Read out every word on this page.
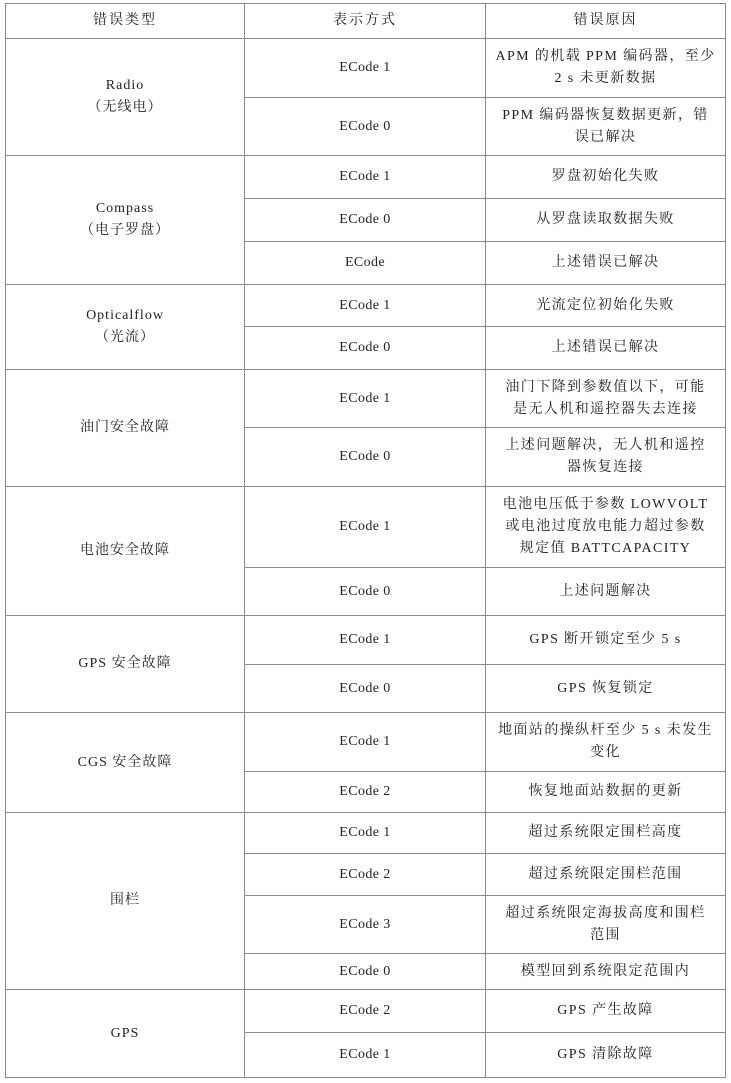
错误类型	表示方式	错误原因

Radio
（无线电）	ECode 1	APM 的机载 PPM 编码器，至少
2 s 未更新数据

	ECode 0	PPM 编码器恢复数据更新，错
误已解决

Compass
（电子罗盘）	ECode 1	罗盘初始化失败

	ECode 0	从罗盘读取数据失败

	ECode	上述错误已解决

Opticalflow
（光流）	ECode 1	光流定位初始化失败

	ECode 0	上述错误已解决

油门安全故障	ECode 1	油门下降到参数值以下，可能
是无人机和遥控器失去连接

	ECode 0	上述问题解决，无人机和遥控
器恢复连接

电池安全故障	ECode 1	电池电压低于参数 LOWVOLT
或电池过度放电能力超过参数
规定值 BATTCAPACITY

	ECode 0	上述问题解决

GPS 安全故障	ECode 1	GPS 断开锁定至少 5 s

	ECode 0	GPS 恢复锁定

CGS 安全故障	ECode 1	地面站的操纵杆至少 5 s 未发生
变化

	ECode 2	恢复地面站数据的更新

围栏	ECode 1	超过系统限定围栏高度

	ECode 2	超过系统限定围栏范围

	ECode 3	超过系统限定海拔高度和围栏
范围

	ECode 0	模型回到系统限定范围内

GPS	ECode 2	GPS 产生故障

	ECode 1	GPS 清除故障
